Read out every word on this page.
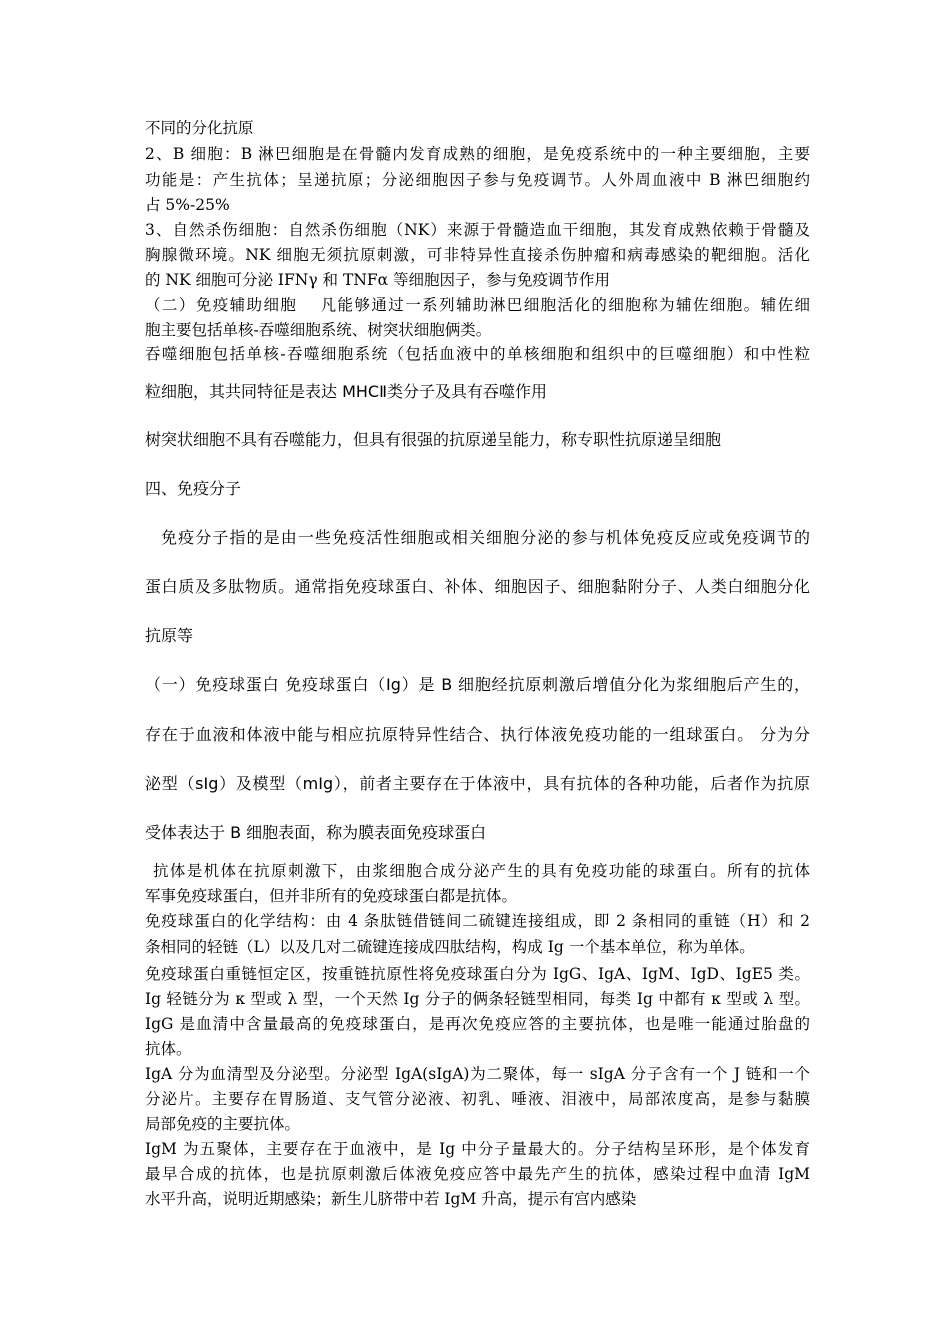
不同的分化抗原
2、B 细胞：B 淋巴细胞是在骨髓内发育成熟的细胞，是免疫系统中的一种主要细胞，主要
功能是：产生抗体；呈递抗原；分泌细胞因子参与免疫调节。人外周血液中 B 淋巴细胞约
占 5%-25%
3、自然杀伤细胞：自然杀伤细胞（NK）来源于骨髓造血干细胞，其发育成熟依赖于骨髓及
胸腺微环境。NK 细胞无须抗原刺激，可非特异性直接杀伤肿瘤和病毒感染的靶细胞。活化
的 NK 细胞可分泌 IFNγ 和 TNFα 等细胞因子，参与免疫调节作用
（二）免疫辅助细胞　 凡能够通过一系列辅助淋巴细胞活化的细胞称为辅佐细胞。辅佐细
胞主要包括单核-吞噬细胞系统、树突状细胞俩类。
吞噬细胞包括单核-吞噬细胞系统（包括血液中的单核细胞和组织中的巨噬细胞）和中性粒
粒细胞，其共同特征是表达 MHCⅡ类分子及具有吞噬作用
树突状细胞不具有吞噬能力，但具有很强的抗原递呈能力，称专职性抗原递呈细胞
四、免疫分子
免疫分子指的是由一些免疫活性细胞或相关细胞分泌的参与机体免疫反应或免疫调节的
蛋白质及多肽物质。通常指免疫球蛋白、补体、细胞因子、细胞黏附分子、人类白细胞分化
抗原等
（一）免疫球蛋白 免疫球蛋白（Ig）是 B 细胞经抗原刺激后增值分化为浆细胞后产生的，
存在于血液和体液中能与相应抗原特异性结合、执行体液免疫功能的一组球蛋白。 分为分
泌型（sIg）及模型（mIg），前者主要存在于体液中，具有抗体的各种功能，后者作为抗原
受体表达于 B 细胞表面，称为膜表面免疫球蛋白
抗体是机体在抗原刺激下，由浆细胞合成分泌产生的具有免疫功能的球蛋白。所有的抗体
军事免疫球蛋白，但并非所有的免疫球蛋白都是抗体。
免疫球蛋白的化学结构：由 4 条肽链借链间二硫键连接组成，即 2 条相同的重链（H）和 2
条相同的轻链（L）以及几对二硫键连接成四肽结构，构成 Ig 一个基本单位，称为单体。
免疫球蛋白重链恒定区，按重链抗原性将免疫球蛋白分为 IgG、IgA、IgM、IgD、IgE5 类。
Ig 轻链分为 κ 型或 λ 型，一个天然 Ig 分子的俩条轻链型相同，每类 Ig 中都有 κ 型或 λ 型。
IgG 是血清中含量最高的免疫球蛋白，是再次免疫应答的主要抗体，也是唯一能通过胎盘的
抗体。
IgA 分为血清型及分泌型。分泌型 IgA(sIgA)为二聚体，每一 sIgA 分子含有一个 J 链和一个
分泌片。主要存在胃肠道、支气管分泌液、初乳、唾液、泪液中，局部浓度高，是参与黏膜
局部免疫的主要抗体。
IgM 为五聚体，主要存在于血液中，是 Ig 中分子量最大的。分子结构呈环形，是个体发育
最早合成的抗体，也是抗原刺激后体液免疫应答中最先产生的抗体，感染过程中血清 IgM
水平升高，说明近期感染；新生儿脐带中若 IgM 升高，提示有宫内感染
